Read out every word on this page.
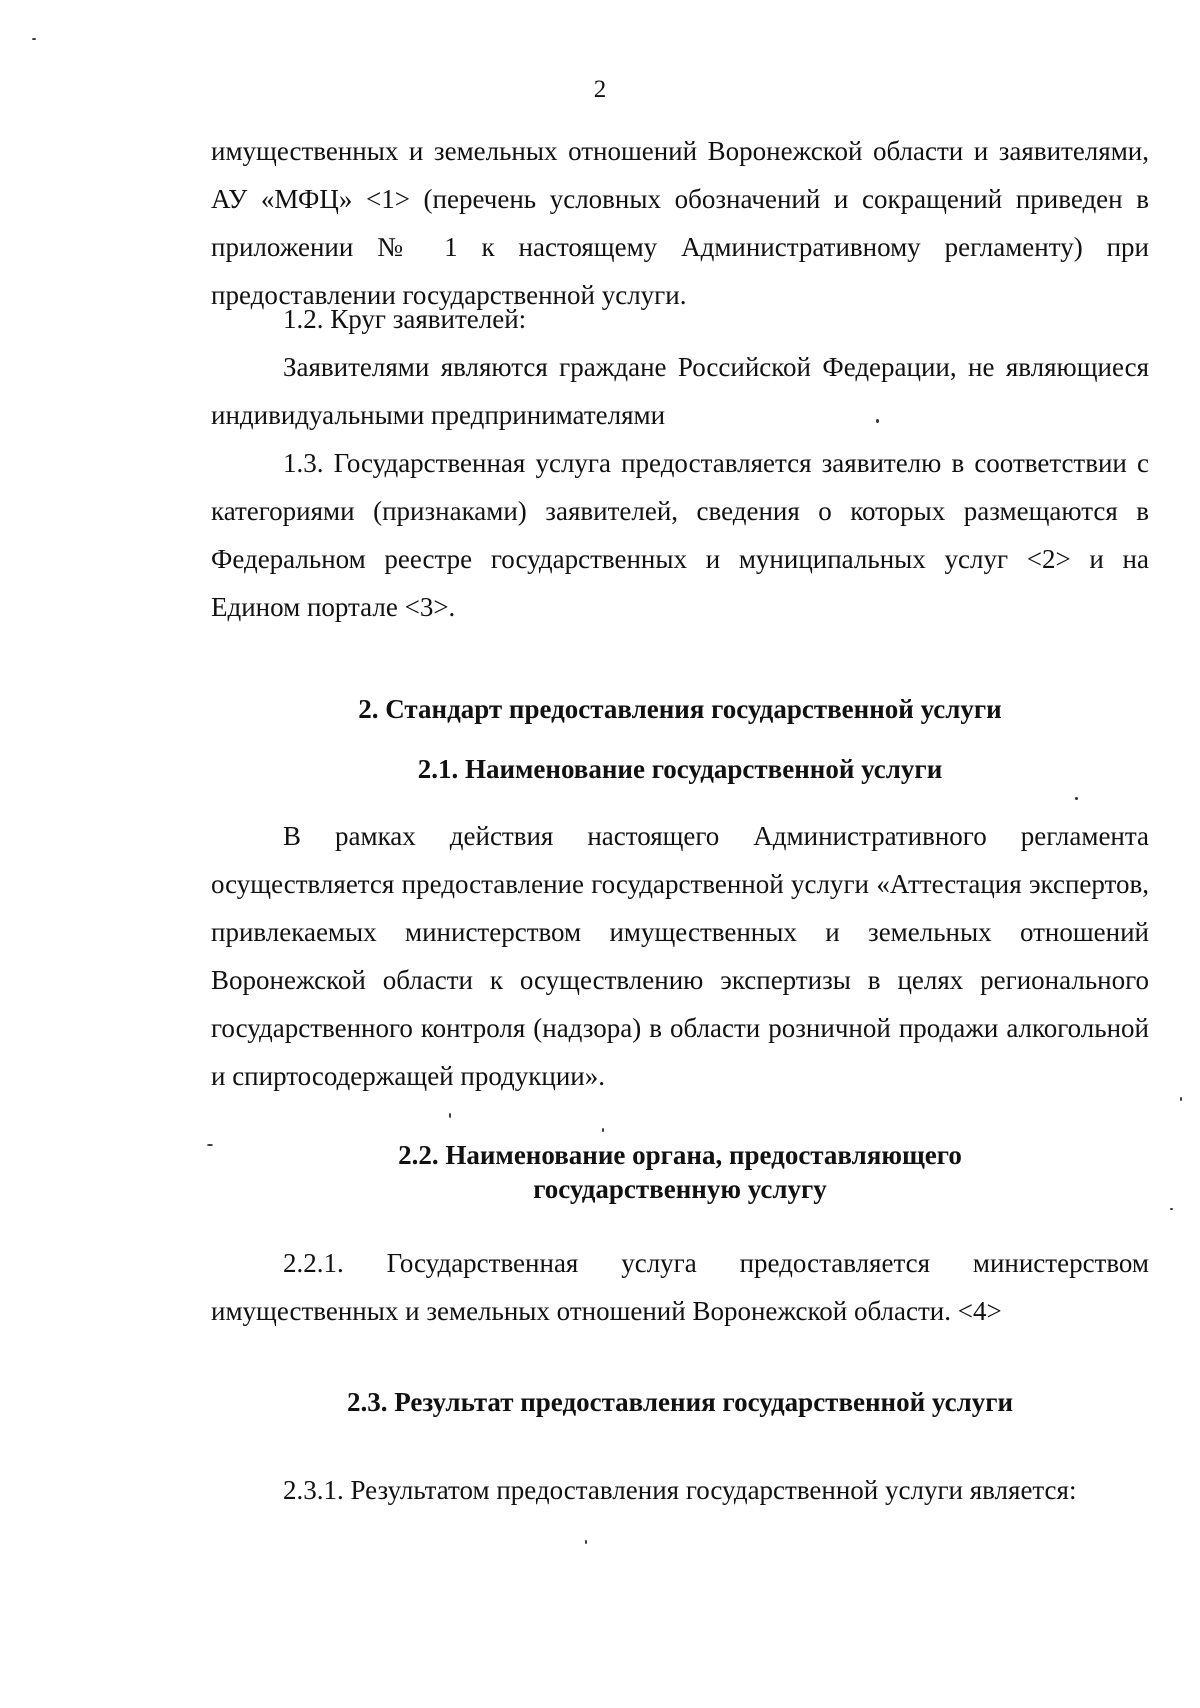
2

имущественных и земельных отношений Воронежской области и заявителями, АУ «МФЦ» <1> (перечень условных обозначений и сокращений приведен в приложении № 1 к настоящему Административному регламенту) при предоставлении государственной услуги.

1.2. Круг заявителей:

Заявителями являются граждане Российской Федерации, не являющиеся индивидуальными предпринимателями

1.3. Государственная услуга предоставляется заявителю в соответствии с категориями (признаками) заявителей, сведения о которых размещаются в Федеральном реестре государственных и муниципальных услуг <2> и на Едином портале <3>.

2. Стандарт предоставления государственной услуги
2.1. Наименование государственной услуги

В рамках действия настоящего Административного регламента осуществляется предоставление государственной услуги «Аттестация экспертов, привлекаемых министерством имущественных и земельных отношений Воронежской области к осуществлению экспертизы в целях регионального государственного контроля (надзора) в области розничной продажи алкогольной и спиртосодержащей продукции».

2.2. Наименование органа, предоставляющего
государственную услугу

2.2.1. Государственная услуга предоставляется министерством имущественных и земельных отношений Воронежской области. <4>

2.3. Результат предоставления государственной услуги

2.3.1. Результатом предоставления государственной услуги является:
